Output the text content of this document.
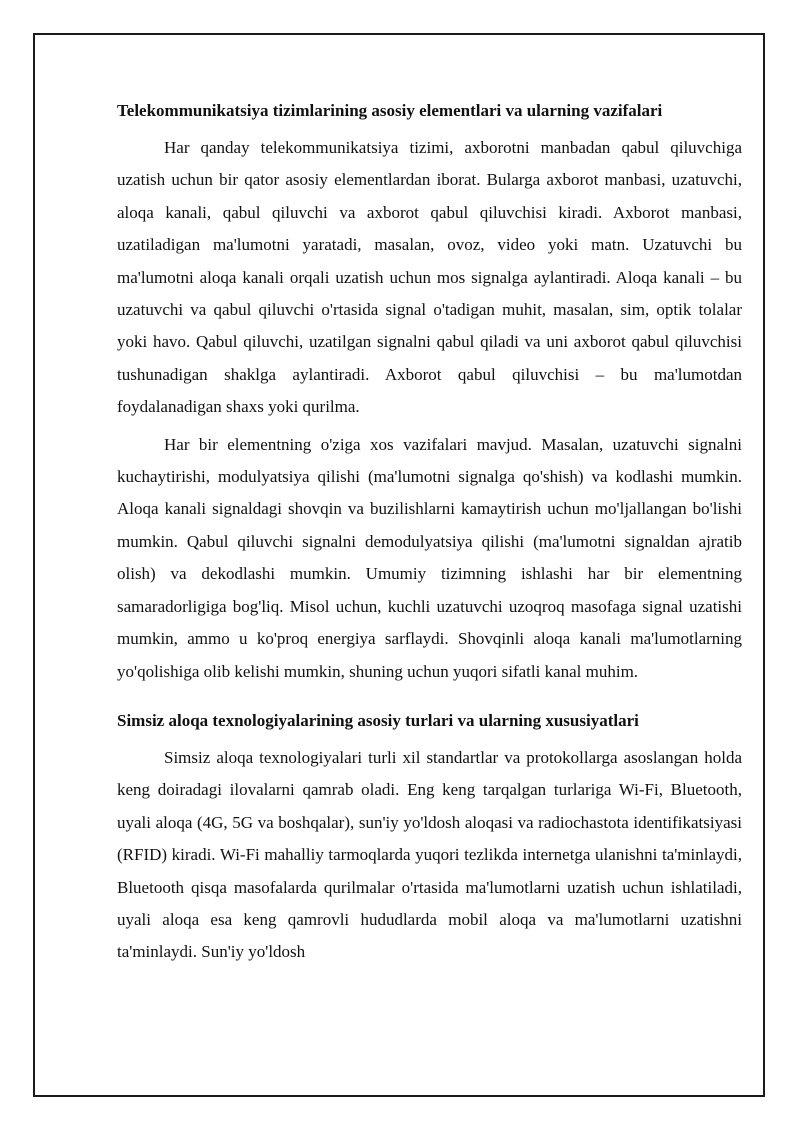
Telekommunikatsiya tizimlarining asosiy elementlari va ularning vazifalari

Har qanday telekommunikatsiya tizimi, axborotni manbadan qabul qiluvchiga uzatish uchun bir qator asosiy elementlardan iborat. Bularga axborot manbasi, uzatuvchi, aloqa kanali, qabul qiluvchi va axborot qabul qiluvchisi kiradi. Axborot manbasi, uzatiladigan ma'lumotni yaratadi, masalan, ovoz, video yoki matn. Uzatuvchi bu ma'lumotni aloqa kanali orqali uzatish uchun mos signalga aylantiradi. Aloqa kanali – bu uzatuvchi va qabul qiluvchi o'rtasida signal o'tadigan muhit, masalan, sim, optik tolalar yoki havo. Qabul qiluvchi, uzatilgan signalni qabul qiladi va uni axborot qabul qiluvchisi tushunadigan shaklga aylantiradi. Axborot qabul qiluvchisi – bu ma'lumotdan foydalanadigan shaxs yoki qurilma.

Har bir elementning o'ziga xos vazifalari mavjud. Masalan, uzatuvchi signalni kuchaytirishi, modulyatsiya qilishi (ma'lumotni signalga qo'shish) va kodlashi mumkin. Aloqa kanali signaldagi shovqin va buzilishlarni kamaytirish uchun mo'ljallangan bo'lishi mumkin. Qabul qiluvchi signalni demodulyatsiya qilishi (ma'lumotni signaldan ajratib olish) va dekodlashi mumkin. Umumiy tizimning ishlashi har bir elementning samaradorligiga bog'liq. Misol uchun, kuchli uzatuvchi uzoqroq masofaga signal uzatishi mumkin, ammo u ko'proq energiya sarflaydi. Shovqinli aloqa kanali ma'lumotlarning yo'qolishiga olib kelishi mumkin, shuning uchun yuqori sifatli kanal muhim.

Simsiz aloqa texnologiyalarining asosiy turlari va ularning xususiyatlari

Simsiz aloqa texnologiyalari turli xil standartlar va protokollarga asoslangan holda keng doiradagi ilovalarni qamrab oladi. Eng keng tarqalgan turlariga Wi-Fi, Bluetooth, uyali aloqa (4G, 5G va boshqalar), sun'iy yo'ldosh aloqasi va radiochastota identifikatsiyasi (RFID) kiradi. Wi-Fi mahalliy tarmoqlarda yuqori tezlikda internetga ulanishni ta'minlaydi, Bluetooth qisqa masofalarda qurilmalar o'rtasida ma'lumotlarni uzatish uchun ishlatiladi, uyali aloqa esa keng qamrovli hududlarda mobil aloqa va ma'lumotlarni uzatishni ta'minlaydi. Sun'iy yo'ldosh
